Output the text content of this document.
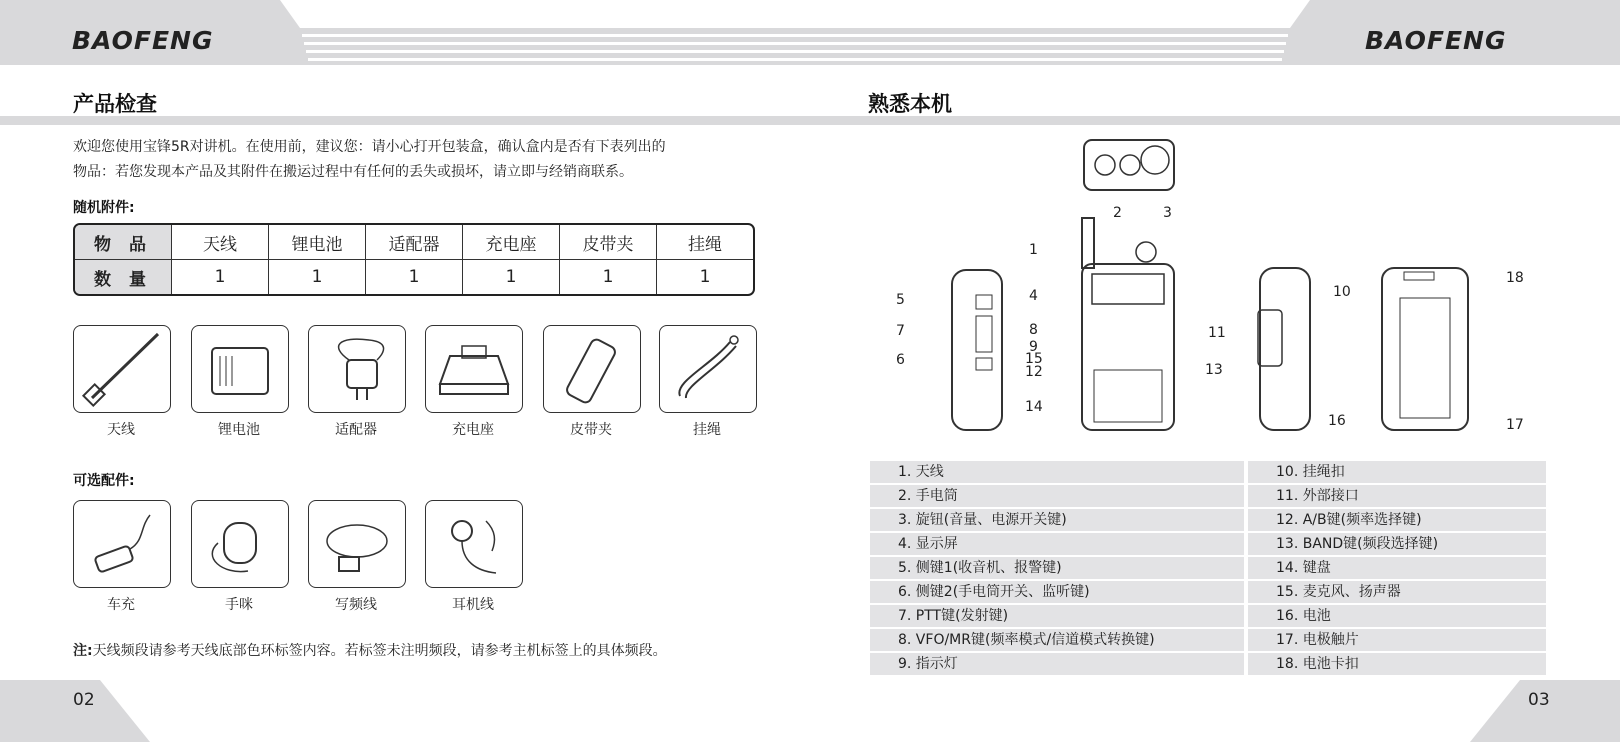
BAOFENG	BAOFENG
产品检查
欢迎您使用宝锋5R对讲机。在使用前，建议您：请小心打开包装盒，确认盒内是否有下表列出的
物品：若您发现本产品及其附件在搬运过程中有任何的丢失或损坏，请立即与经销商联系。
随机附件:
物 品	天线	锂电池	适配器	充电座	皮带夹	挂绳
数 量	1	1	1	1	1	1
天线	锂电池	适配器	充电座	皮带夹	挂绳
可选配件:
车充	手咪	写频线	耳机线
注:天线频段请参考天线底部色环标签内容。若标签未注明频段，请参考主机标签上的具体频段。
熟悉本机
1
2	3
4
5
6
7	8
9
10
11
12	13
14
15
16	17
18
1. 天线
2. 手电筒
3. 旋钮(音量、电源开关键)
4. 显示屏
5. 侧键1(收音机、报警键)
6. 侧键2(手电筒开关、监听键)
7. PTT键(发射键)
8. VFO/MR键(频率模式/信道模式转换键)
9. 指示灯
10. 挂绳扣
11. 外部接口
12. A/B键(频率选择键)
13. BAND键(频段选择键)
14. 键盘
15. 麦克风、扬声器
16. 电池
17. 电极触片
18. 电池卡扣
02	03
